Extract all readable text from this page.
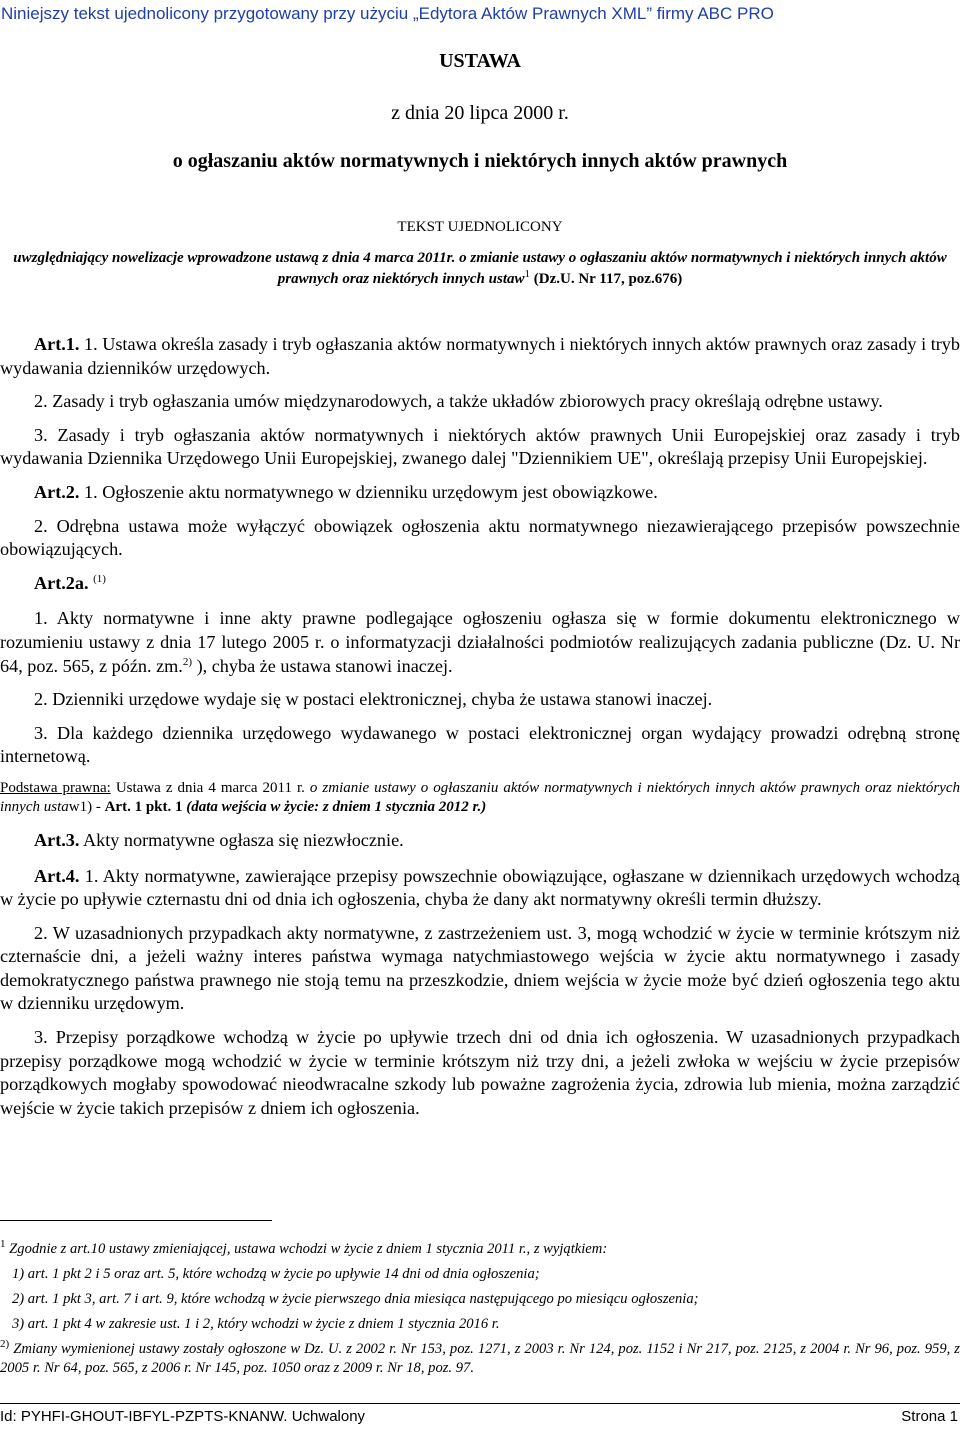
Niniejszy tekst ujednolicony przygotowany przy użyciu „Edytora Aktów Prawnych XML” firmy ABC PRO
USTAWA
z dnia 20 lipca 2000 r.
o ogłaszaniu aktów normatywnych i niektórych innych aktów prawnych
TEKST UJEDNOLICONY
uwzględniający nowelizacje wprowadzone ustawą z dnia 4 marca 2011r. o zmianie ustawy o ogłaszaniu aktów normatywnych i niektórych innych aktów prawnych oraz niektórych innych ustaw$^1$ (Dz.U. Nr 117, poz.676)

Art.1. 1. Ustawa określa zasady i tryb ogłaszania aktów normatywnych i niektórych innych aktów prawnych oraz zasady i tryb wydawania dzienników urzędowych.

2. Zasady i tryb ogłaszania umów międzynarodowych, a także układów zbiorowych pracy określają odrębne ustawy.

3. Zasady i tryb ogłaszania aktów normatywnych i niektórych aktów prawnych Unii Europejskiej oraz zasady i tryb wydawania Dziennika Urzędowego Unii Europejskiej, zwanego dalej "Dziennikiem UE", określają przepisy Unii Europejskiej.

Art.2. 1. Ogłoszenie aktu normatywnego w dzienniku urzędowym jest obowiązkowe.

2. Odrębna ustawa może wyłączyć obowiązek ogłoszenia aktu normatywnego niezawierającego przepisów powszechnie obowiązujących.

Art.2a. $^{(1)}$

1. Akty normatywne i inne akty prawne podlegające ogłoszeniu ogłasza się w formie dokumentu elektronicznego w rozumieniu ustawy z dnia 17 lutego 2005 r. o informatyzacji działalności podmiotów realizujących zadania publiczne (Dz. U. Nr 64, poz. 565, z późn. zm.$^{2)}$ ), chyba że ustawa stanowi inaczej.

2. Dzienniki urzędowe wydaje się w postaci elektronicznej, chyba że ustawa stanowi inaczej.

3. Dla każdego dziennika urzędowego wydawanego w postaci elektronicznej organ wydający prowadzi odrębną stronę internetową.

Podstawa prawna: Ustawa z dnia 4 marca 2011 r. o zmianie ustawy o ogłaszaniu aktów normatywnych i niektórych innych aktów prawnych oraz niektórych innych ustaw1) - Art. 1 pkt. 1 (data wejścia w życie: z dniem 1 stycznia 2012 r.)

Art.3. Akty normatywne ogłasza się niezwłocznie.

Art.4. 1. Akty normatywne, zawierające przepisy powszechnie obowiązujące, ogłaszane w dziennikach urzędowych wchodzą w życie po upływie czternastu dni od dnia ich ogłoszenia, chyba że dany akt normatywny określi termin dłuższy.

2. W uzasadnionych przypadkach akty normatywne, z zastrzeżeniem ust. 3, mogą wchodzić w życie w terminie krótszym niż czternaście dni, a jeżeli ważny interes państwa wymaga natychmiastowego wejścia w życie aktu normatywnego i zasady demokratycznego państwa prawnego nie stoją temu na przeszkodzie, dniem wejścia w życie może być dzień ogłoszenia tego aktu w dzienniku urzędowym.

3. Przepisy porządkowe wchodzą w życie po upływie trzech dni od dnia ich ogłoszenia. W uzasadnionych przypadkach przepisy porządkowe mogą wchodzić w życie w terminie krótszym niż trzy dni, a jeżeli zwłoka w wejściu w życie przepisów porządkowych mogłaby spowodować nieodwracalne szkody lub poważne zagrożenia życia, zdrowia lub mienia, można zarządzić wejście w życie takich przepisów z dniem ich ogłoszenia.

$^1$ Zgodnie z art.10 ustawy zmieniającej, ustawa wchodzi w życie z dniem 1 stycznia 2011 r., z wyjątkiem:

1) art. 1 pkt 2 i 5 oraz art. 5, które wchodzą w życie po upływie 14 dni od dnia ogłoszenia;

2) art. 1 pkt 3, art. 7 i art. 9, które wchodzą w życie pierwszego dnia miesiąca następującego po miesiącu ogłoszenia;

3) art. 1 pkt 4 w zakresie ust. 1 i 2, który wchodzi w życie z dniem 1 stycznia 2016 r.

$^{2)}$ Zmiany wymienionej ustawy zostały ogłoszone w Dz. U. z 2002 r. Nr 153, poz. 1271, z 2003 r. Nr 124, poz. 1152 i Nr 217, poz. 2125, z 2004 r. Nr 96, poz. 959, z 2005 r. Nr 64, poz. 565, z 2006 r. Nr 145, poz. 1050 oraz z 2009 r. Nr 18, poz. 97.

Id: PYHFI-GHOUT-IBFYL-PZPTS-KNANW. Uchwalony	Strona 1
